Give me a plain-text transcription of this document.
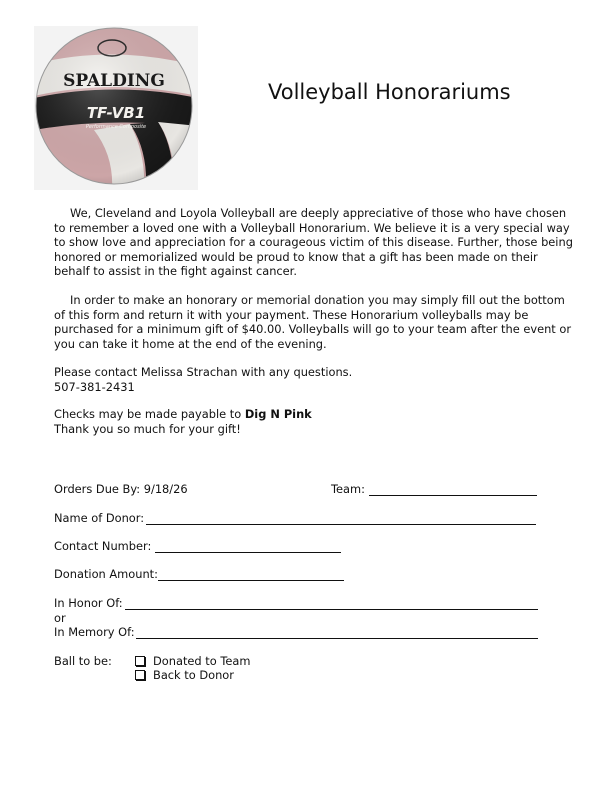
SPALDING
TF-VB1
Performance Composite
Volleyball Honorariums
We, Cleveland and Loyola Volleyball are deeply appreciative of those who have chosen to remember a loved one with a Volleyball Honorarium. We believe it is a very special way to show love and appreciation for a courageous victim of this disease. Further, those being honored or memorialized would be proud to know that a gift has been made on their behalf to assist in the fight against cancer.
In order to make an honorary or memorial donation you may simply fill out the bottom of this form and return it with your payment. These Honorarium volleyballs may be purchased for a minimum gift of $40.00. Volleyballs will go to your team after the event or you can take it home at the end of the evening.
Please contact Melissa Strachan with any questions.
507-381-2431
Checks may be made payable to Dig N Pink
Thank you so much for your gift!
Orders Due By: 9/18/26	Team:
Name of Donor:
Contact Number:
Donation Amount:
In Honor Of:
or
In Memory Of:
Ball to be:	Donated to Team
Back to Donor
